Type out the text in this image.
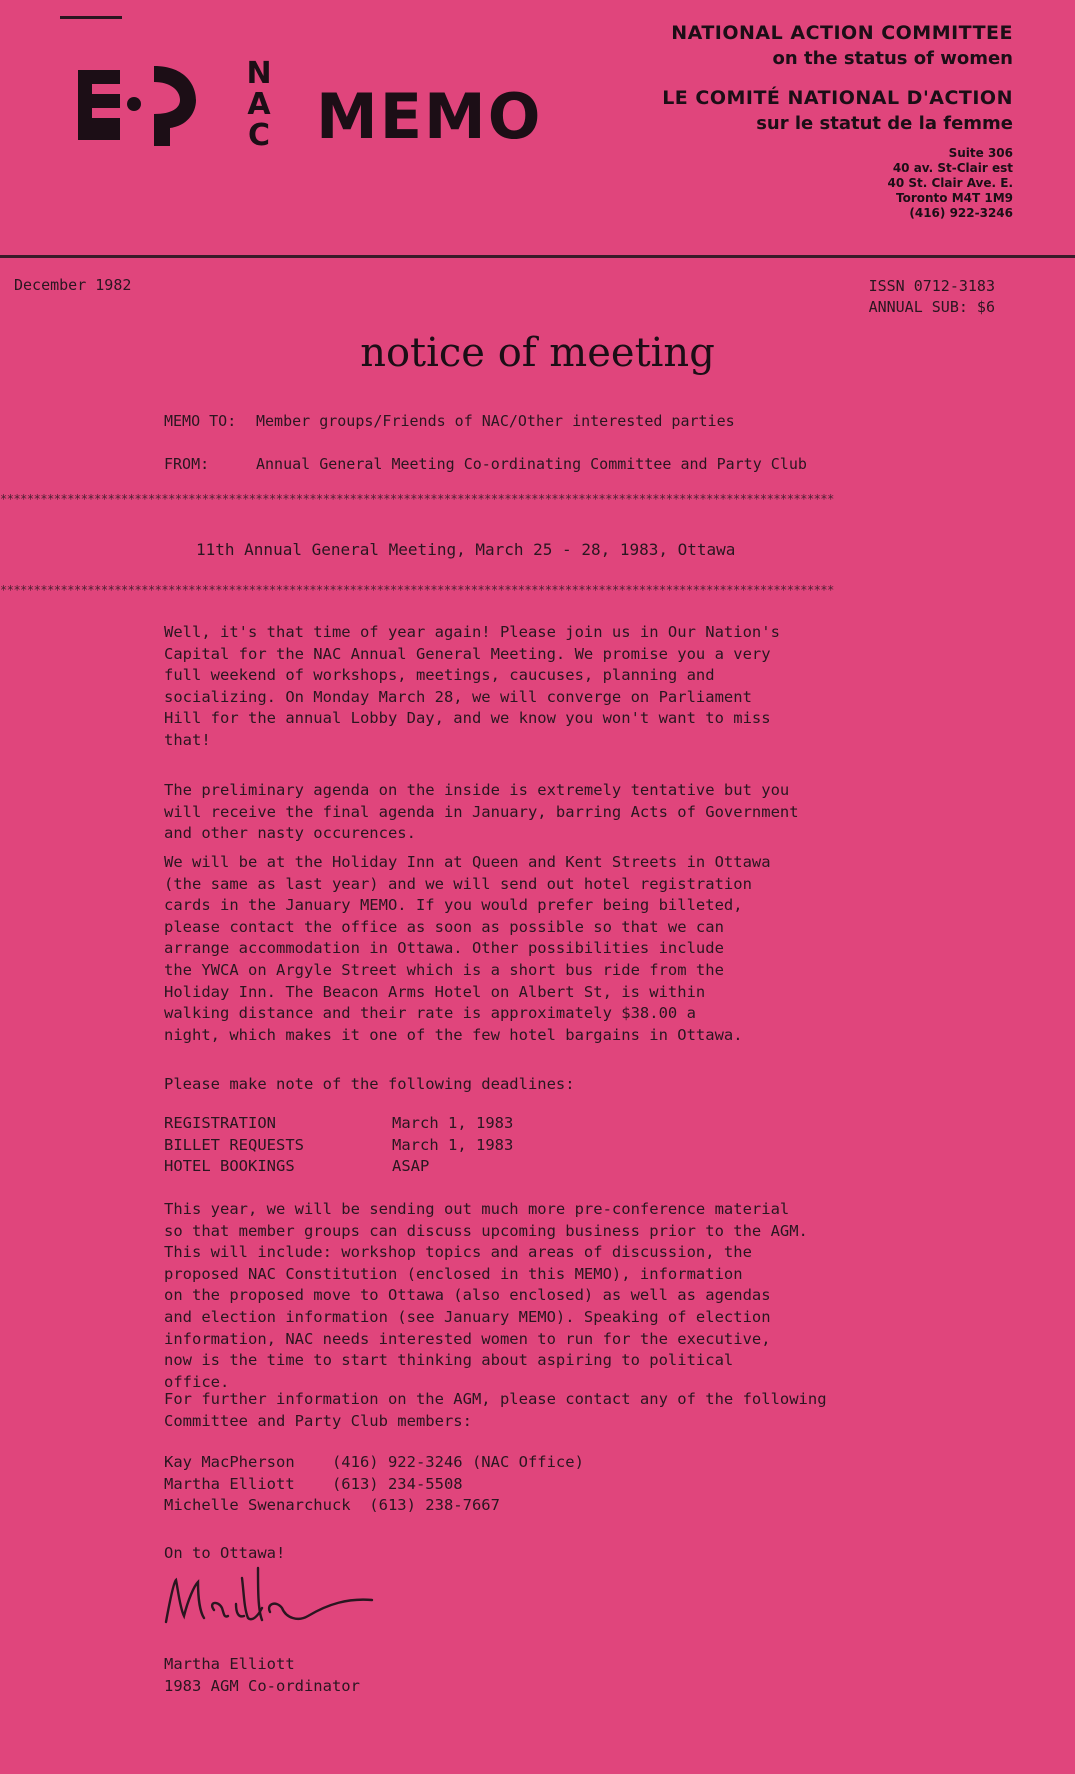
N
A
C MEMO
NATIONAL ACTION COMMITTEE
on the status of women
LE COMITÉ NATIONAL D'ACTION
sur le statut de la femme
Suite 306
40 av. St-Clair est
40 St. Clair Ave. E.
Toronto M4T 1M9
(416) 922-3246
December 1982	ISSN 0712-3183
ANNUAL SUB: $6
notice of meeting
MEMO TO: Member groups/Friends of NAC/Other interested parties
FROM:	Annual General Meeting Co-ordinating Committee and Party Club
****************************************************************************************************************************
11th Annual General Meeting, March 25 - 28, 1983, Ottawa
****************************************************************************************************************************

Well, it's that time of year again! Please join us in Our Nation's
Capital for the NAC Annual General Meeting. We promise you a very
full weekend of workshops, meetings, caucuses, planning and
socializing. On Monday March 28, we will converge on Parliament
Hill for the annual Lobby Day, and we know you won't want to miss
that!

The preliminary agenda on the inside is extremely tentative but you
will receive the final agenda in January, barring Acts of Government
and other nasty occurences.

We will be at the Holiday Inn at Queen and Kent Streets in Ottawa
(the same as last year) and we will send out hotel registration
cards in the January MEMO. If you would prefer being billeted,
please contact the office as soon as possible so that we can
arrange accommodation in Ottawa. Other possibilities include
the YWCA on Argyle Street which is a short bus ride from the
Holiday Inn. The Beacon Arms Hotel on Albert St, is within
walking distance and their rate is approximately $38.00 a
night, which makes it one of the few hotel bargains in Ottawa.

Please make note of the following deadlines:

REGISTRATION	March 1, 1983
BILLET REQUESTS	March 1, 1983
HOTEL BOOKINGS	ASAP

This year, we will be sending out much more pre-conference material
so that member groups can discuss upcoming business prior to the AGM.
This will include: workshop topics and areas of discussion, the
proposed NAC Constitution (enclosed in this MEMO), information
on the proposed move to Ottawa (also enclosed) as well as agendas
and election information (see January MEMO). Speaking of election
information, NAC needs interested women to run for the executive,
now is the time to start thinking about aspiring to political
office.

For further information on the AGM, please contact any of the following
Committee and Party Club members:

Kay MacPherson    (416) 922-3246 (NAC Office)
Martha Elliott    (613) 234-5508
Michelle Swenarchuck  (613) 238-7667
On to Ottawa!
Martha Elliott
1983 AGM Co-ordinator
